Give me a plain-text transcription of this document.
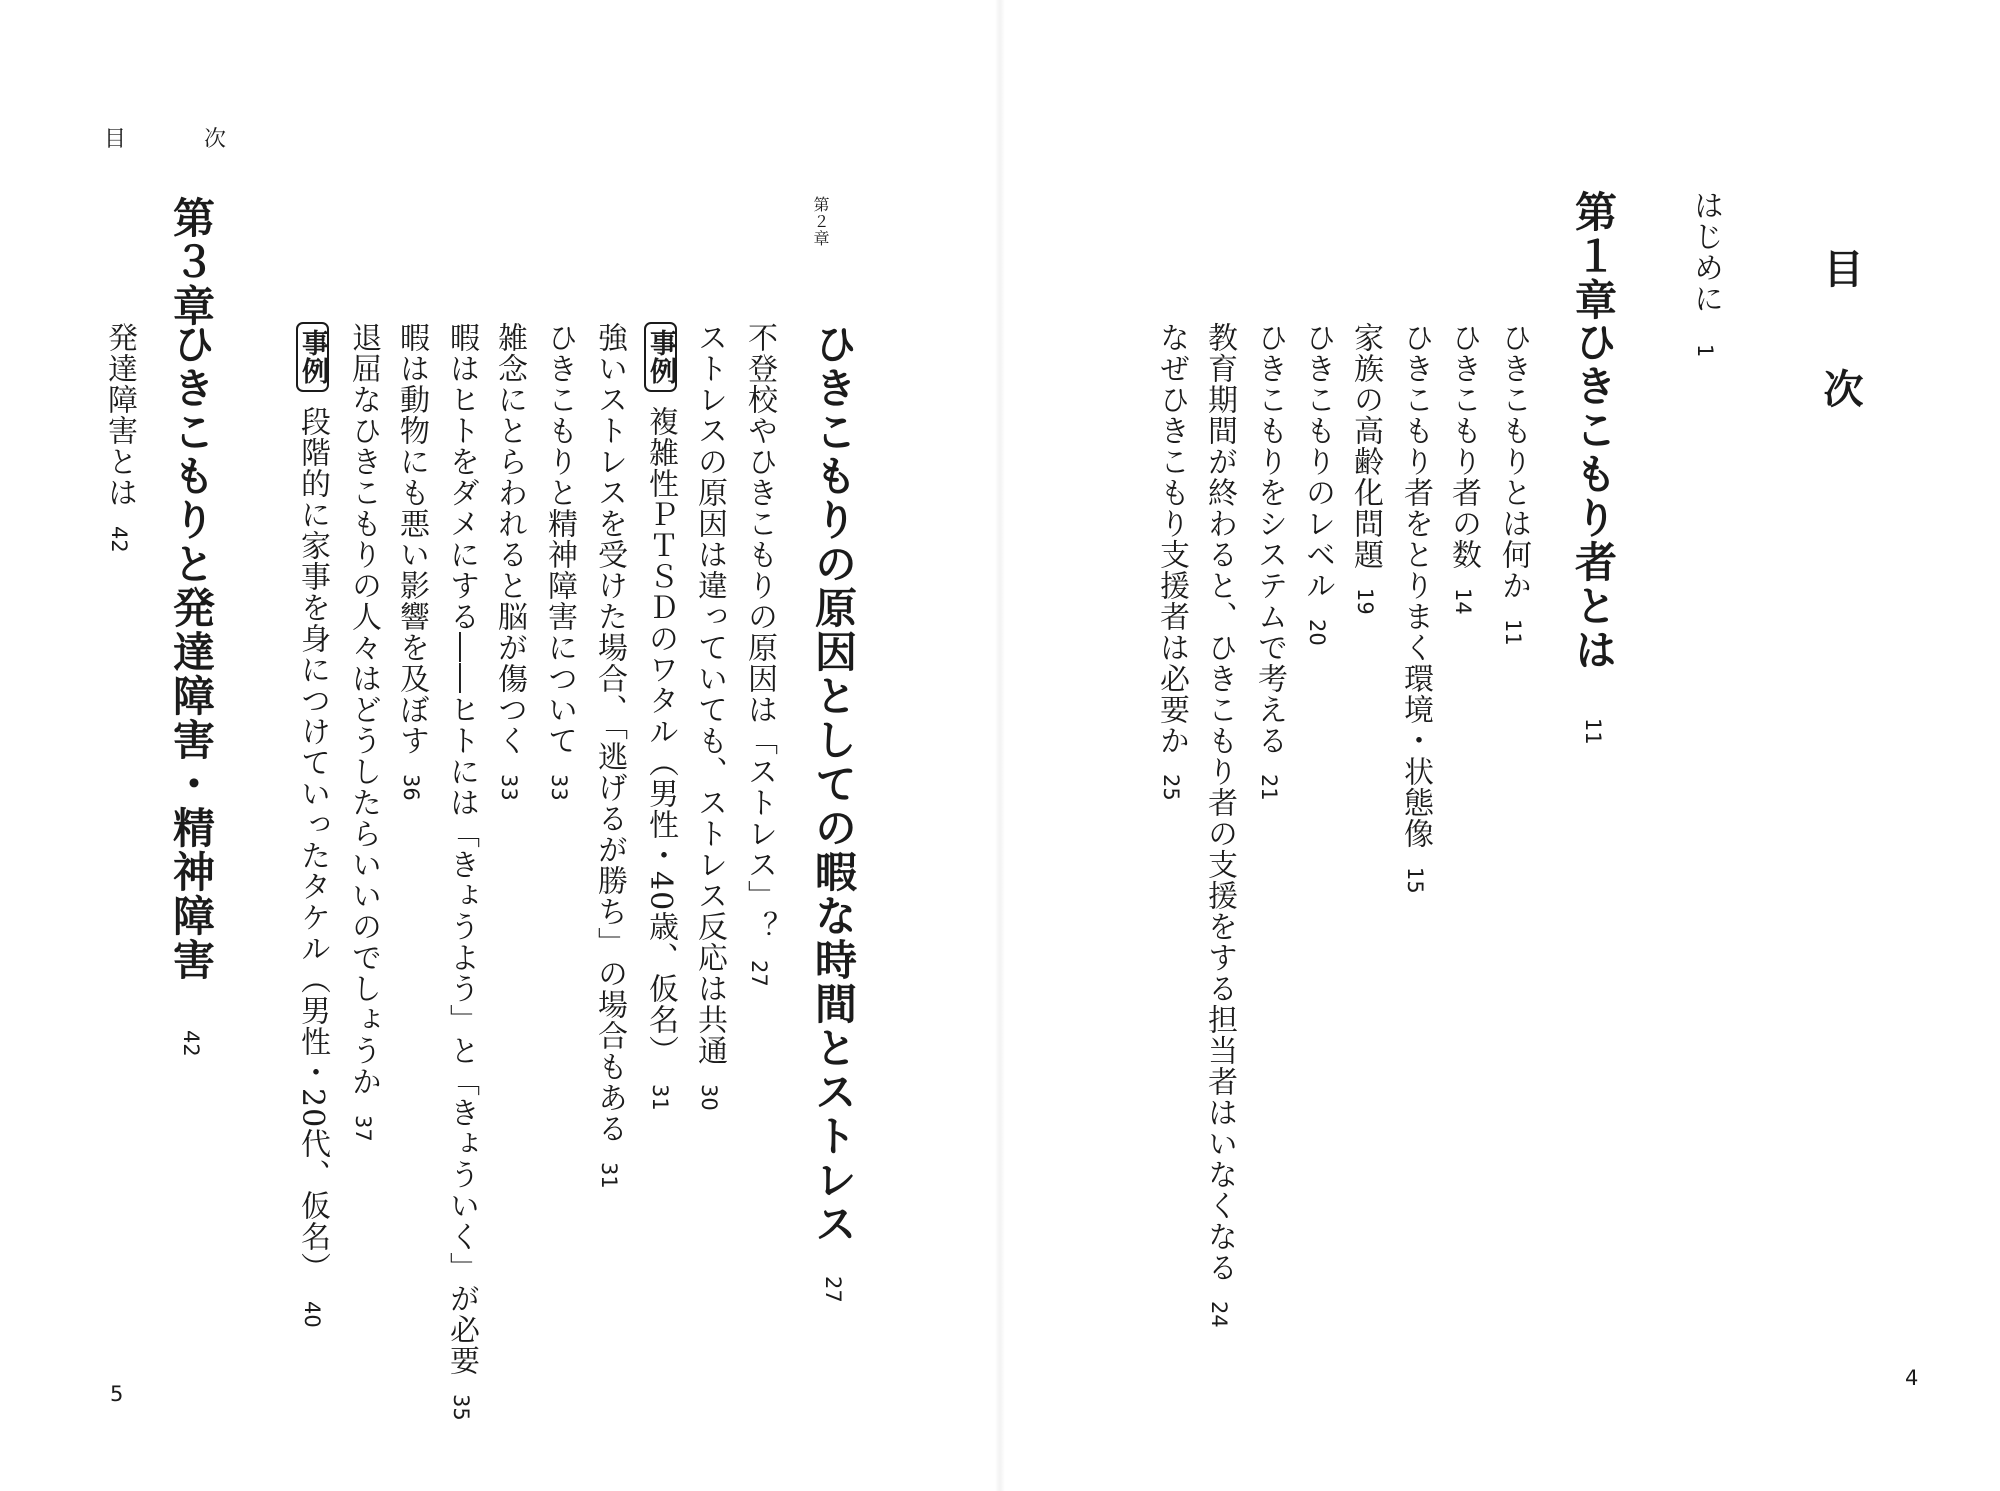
目　次
第２章
ひきこもりの原因としての暇な時間とストレス27
不登校やひきこもりの原因は「ストレス」？27
ストレスの原因は違っていても、ストレス反応は共通30
事例複雑性ＰＴＳＤのワタル（男性・40歳、仮名）31
強いストレスを受けた場合、「逃げるが勝ち」の場合もある31
ひきこもりと精神障害について33
雑念にとらわれると脳が傷つく33
暇はヒトをダメにする――ヒトには「きょうよう」と「きょういく」が必要35
暇は動物にも悪い影響を及ぼす36
退屈なひきこもりの人々はどうしたらいいのでしょうか37
事例段階的に家事を身につけていったタケル（男性・20代、仮名）40
第３章
ひきこもりと発達障害・精神障害42
発達障害とは42
5
目次
はじめに1
第１章
ひきこもり者とは11
ひきこもりとは何か11
ひきこもり者の数14
ひきこもり者をとりまく環境・状態像15
家族の高齢化問題19
ひきこもりのレベル20
ひきこもりをシステムで考える21
教育期間が終わると、ひきこもり者の支援をする担当者はいなくなる24
なぜひきこもり支援者は必要か25
4
